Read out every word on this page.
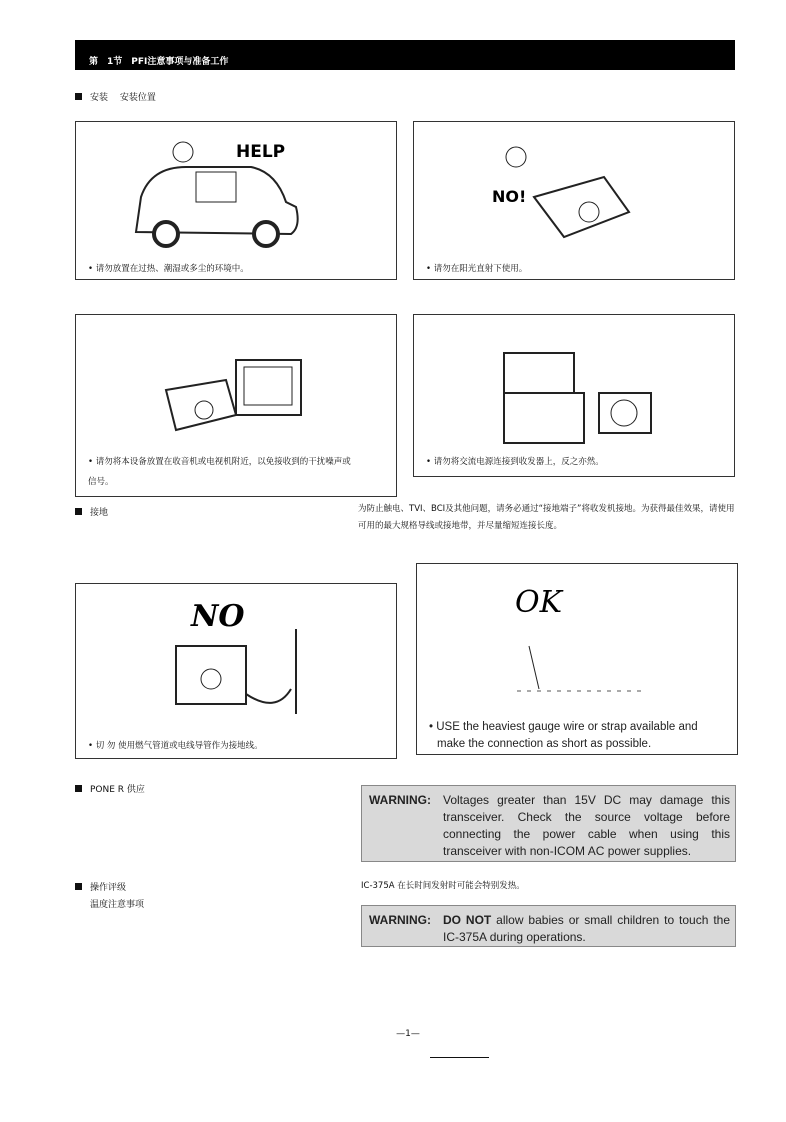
第　1节　PFI注意事项与准备工作
安装　 安装位置
HELP
• 请勿放置在过热、潮湿或多尘的环境中。
NO!
• 请勿在阳光直射下使用。
• 请勿将本设备放置在收音机或电视机附近，以免接收到的干扰噪声或
信号。
• 请勿将交流电源连接到收发器上，反之亦然。
接地	为防止触电、TVI、BCI及其他问题，请务必通过“接地端子”将收发机接地。为获得最佳效果，请使用可用的最大规格导线或接地带，并尽量缩短连接长度。
NO
• 切 勿 使用燃气管道或电线导管作为接地线。
OK
• USE the heaviest gauge wire or strap available and
make the connection as short as possible.
PONE R 供应
WARNING: Voltages greater than 15V DC may damage this transceiver. Check the source voltage before connecting the power cable when using this transceiver with non-ICOM AC power supplies.
操作评级
温度注意事项
IC-375A 在长时间发射时可能会特别发热。
WARNING: DO NOT allow babies or small children to touch the IC-375A during operations.
—1—
